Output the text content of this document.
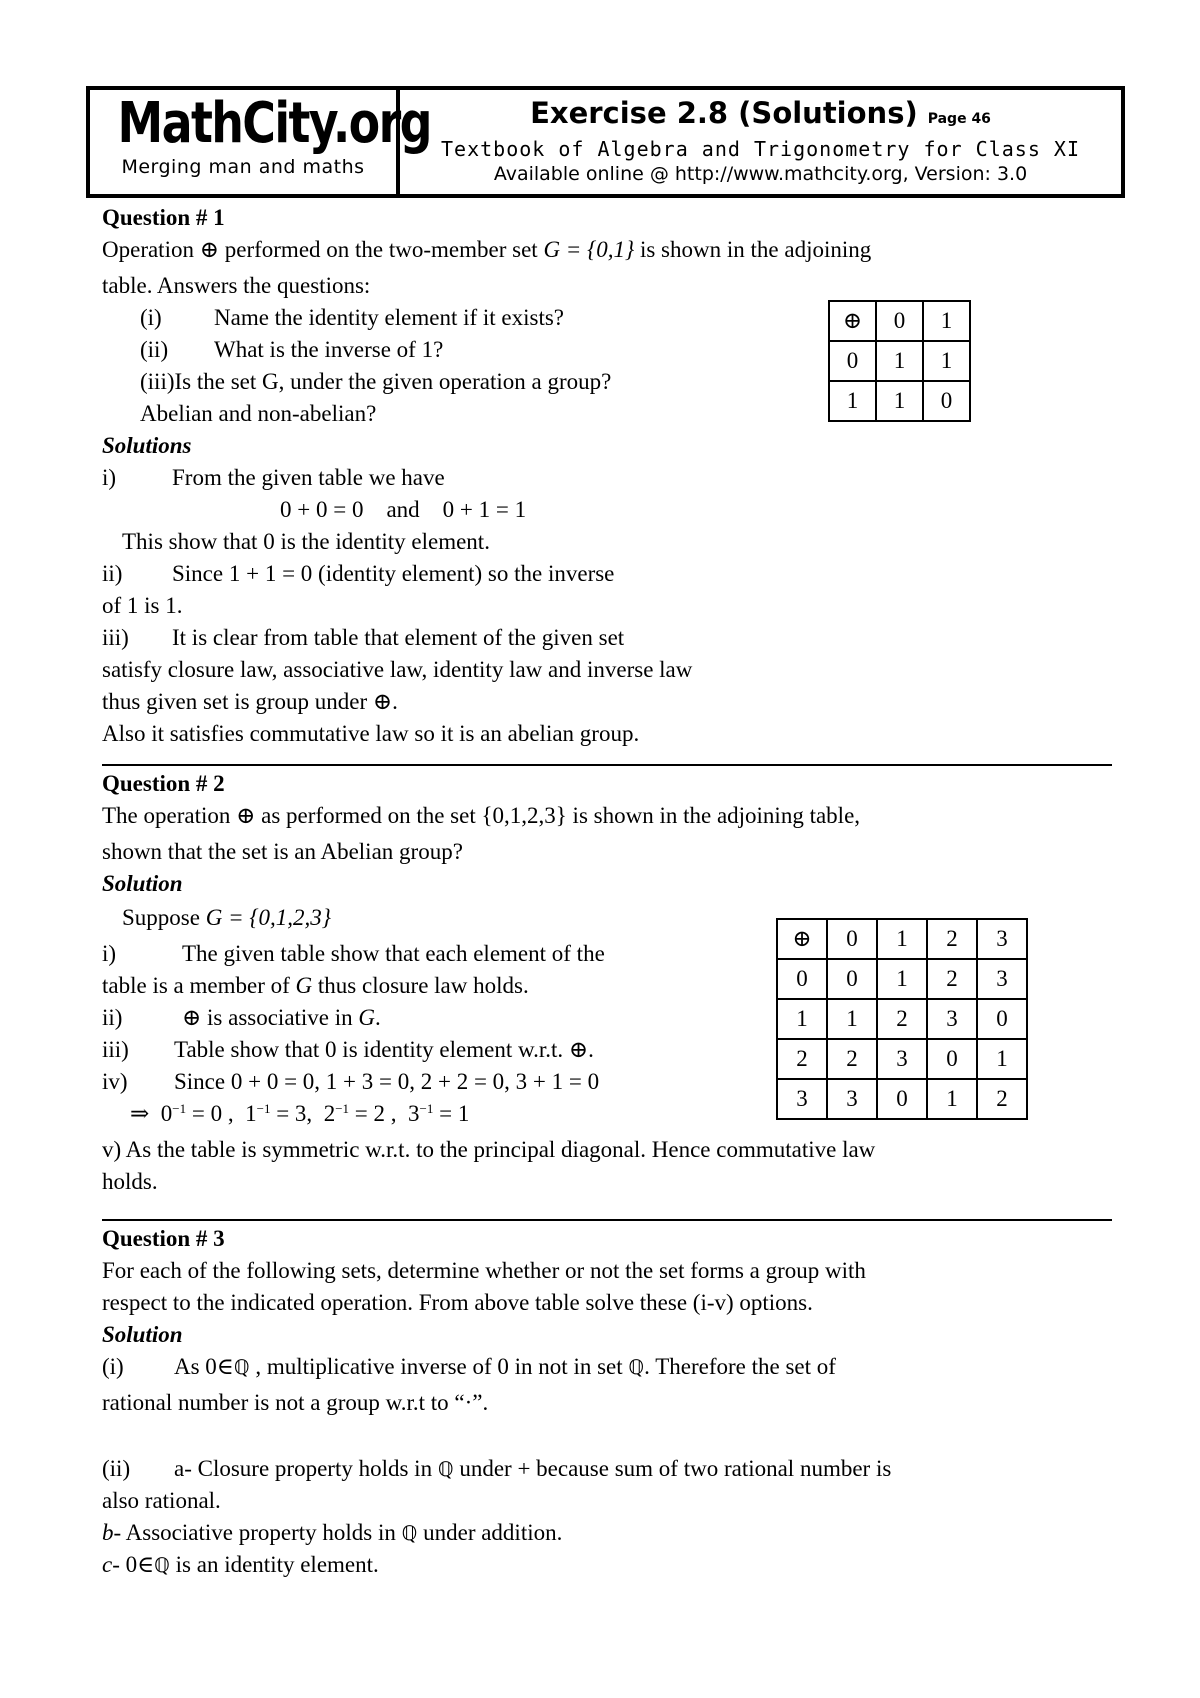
MathCity.org
Merging man and maths
Exercise 2.8 (Solutions) Page 46
Textbook of Algebra and Trigonometry for Class XI
Available online @ http://www.mathcity.org, Version: 3.0
Question # 1
Operation ⊕ performed on the two-member set G = {0,1} is shown in the adjoining
table. Answers the questions:
(i) Name the identity element if it exists?
(ii) What is the inverse of 1?
(iii)Is the set G, under the given operation a group?
Abelian and non-abelian?
Solutions
i) From the given table we have
0 + 0 = 0    and    0 + 1 = 1
This show that 0 is the identity element.
ii) Since 1 + 1 = 0 (identity element) so the inverse
of 1 is 1.
iii) It is clear from table that element of the given set
satisfy closure law, associative law, identity law and inverse law
thus given set is group under ⊕.
Also it satisfies commutative law so it is an abelian group.
⊕	0	1
0	1	1
1	1	0
Question # 2
The operation ⊕ as performed on the set {0,1,2,3} is shown in the adjoining table,
shown that the set is an Abelian group?
Solution
Suppose G = {0,1,2,3}
i)	The given table show that each element of the
table is a member of G thus closure law holds.
ii)	⊕ is associative in G.
iii) Table show that 0 is identity element w.r.t. ⊕.
iv) Since 0 + 0 = 0, 1 + 3 = 0, 2 + 2 = 0, 3 + 1 = 0
⇒ $0^{-1} = 0$ ,  $1^{-1} = 3$,  $2^{-1} = 2$ ,  $3^{-1} = 1$
v) As the table is symmetric w.r.t. to the principal diagonal. Hence commutative law
holds.
⊕	0	1	2	3
0	0	1	2	3
1	1	2	3	0
2	2	3	0	1
3	3	0	1	2
Question # 3
For each of the following sets, determine whether or not the set forms a group with
respect to the indicated operation. From above table solve these (i-v) options.
Solution
(i) As 0∈ℚ , multiplicative inverse of 0 in not in set ℚ. Therefore the set of
rational number is not a group w.r.t to “·”.
(ii) a- Closure property holds in ℚ under + because sum of two rational number is
also rational.
b- Associative property holds in ℚ under addition.
c- 0∈ℚ is an identity element.
